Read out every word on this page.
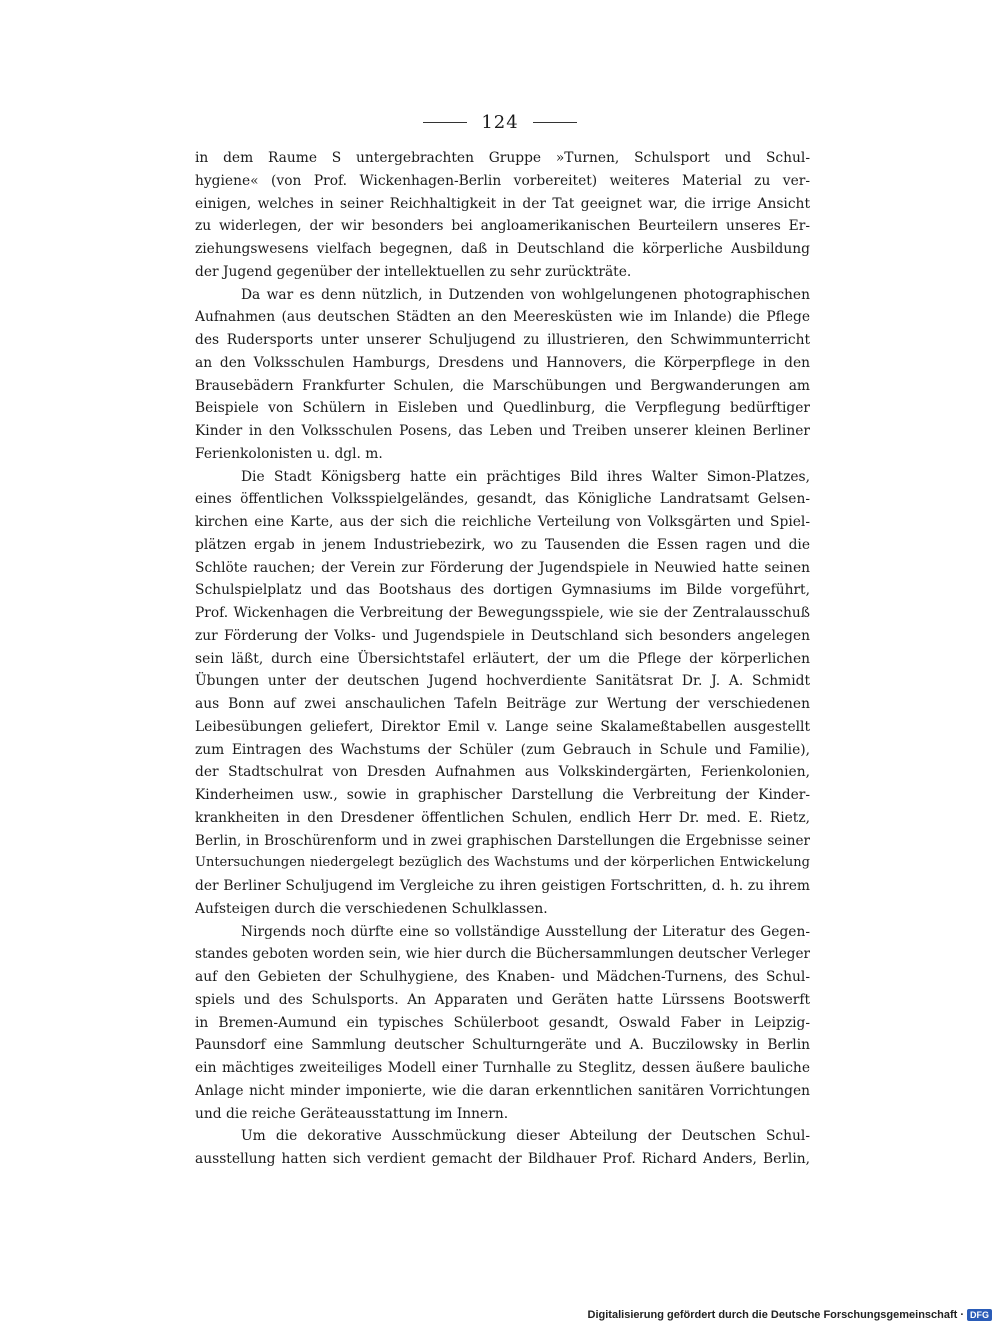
124
in dem Raume S untergebrachten Gruppe »Turnen, Schulsport und Schul-
hygiene« (von Prof. Wickenhagen-Berlin vorbereitet) weiteres Material zu ver-
einigen, welches in seiner Reichhaltigkeit in der Tat geeignet war, die irrige Ansicht
zu widerlegen, der wir besonders bei angloamerikanischen Beurteilern unseres Er-
ziehungswesens vielfach begegnen, daß in Deutschland die körperliche Ausbildung
der Jugend gegenüber der intellektuellen zu sehr zurückträte.
Da war es denn nützlich, in Dutzenden von wohlgelungenen photographischen
Aufnahmen (aus deutschen Städten an den Meeresküsten wie im Inlande) die Pflege
des Rudersports unter unserer Schuljugend zu illustrieren, den Schwimmunterricht
an den Volksschulen Hamburgs, Dresdens und Hannovers, die Körperpflege in den
Brausebädern Frankfurter Schulen, die Marschübungen und Bergwanderungen am
Beispiele von Schülern in Eisleben und Quedlinburg, die Verpflegung bedürftiger
Kinder in den Volksschulen Posens, das Leben und Treiben unserer kleinen Berliner
Ferienkolonisten u. dgl. m.
Die Stadt Königsberg hatte ein prächtiges Bild ihres Walter Simon-Platzes,
eines öffentlichen Volksspielgeländes, gesandt, das Königliche Landratsamt Gelsen-
kirchen eine Karte, aus der sich die reichliche Verteilung von Volksgärten und Spiel-
plätzen ergab in jenem Industriebezirk, wo zu Tausenden die Essen ragen und die
Schlöte rauchen; der Verein zur Förderung der Jugendspiele in Neuwied hatte seinen
Schulspielplatz und das Bootshaus des dortigen Gymnasiums im Bilde vorgeführt,
Prof. Wickenhagen die Verbreitung der Bewegungsspiele, wie sie der Zentralausschuß
zur Förderung der Volks- und Jugendspiele in Deutschland sich besonders angelegen
sein läßt, durch eine Übersichtstafel erläutert, der um die Pflege der körperlichen
Übungen unter der deutschen Jugend hochverdiente Sanitätsrat Dr. J. A. Schmidt
aus Bonn auf zwei anschaulichen Tafeln Beiträge zur Wertung der verschiedenen
Leibesübungen geliefert, Direktor Emil v. Lange seine Skalameßtabellen ausgestellt
zum Eintragen des Wachstums der Schüler (zum Gebrauch in Schule und Familie),
der Stadtschulrat von Dresden Aufnahmen aus Volkskindergärten, Ferienkolonien,
Kinderheimen usw., sowie in graphischer Darstellung die Verbreitung der Kinder-
krankheiten in den Dresdener öffentlichen Schulen, endlich Herr Dr. med. E. Rietz,
Berlin, in Broschürenform und in zwei graphischen Darstellungen die Ergebnisse seiner
Untersuchungen niedergelegt bezüglich des Wachstums und der körperlichen Entwickelung
der Berliner Schuljugend im Vergleiche zu ihren geistigen Fortschritten, d. h. zu ihrem
Aufsteigen durch die verschiedenen Schulklassen.
Nirgends noch dürfte eine so vollständige Ausstellung der Literatur des Gegen-
standes geboten worden sein, wie hier durch die Büchersammlungen deutscher Verleger
auf den Gebieten der Schulhygiene, des Knaben- und Mädchen-Turnens, des Schul-
spiels und des Schulsports. An Apparaten und Geräten hatte Lürssens Bootswerft
in Bremen-Aumund ein typisches Schülerboot gesandt, Oswald Faber in Leipzig-
Paunsdorf eine Sammlung deutscher Schulturngeräte und A. Buczilowsky in Berlin
ein mächtiges zweiteiliges Modell einer Turnhalle zu Steglitz, dessen äußere bauliche
Anlage nicht minder imponierte, wie die daran erkenntlichen sanitären Vorrichtungen
und die reiche Geräteausstattung im Innern.
Um die dekorative Ausschmückung dieser Abteilung der Deutschen Schul-
ausstellung hatten sich verdient gemacht der Bildhauer Prof. Richard Anders, Berlin,
Digitalisierung gefördert durch die Deutsche Forschungsgemeinschaft · DFG
